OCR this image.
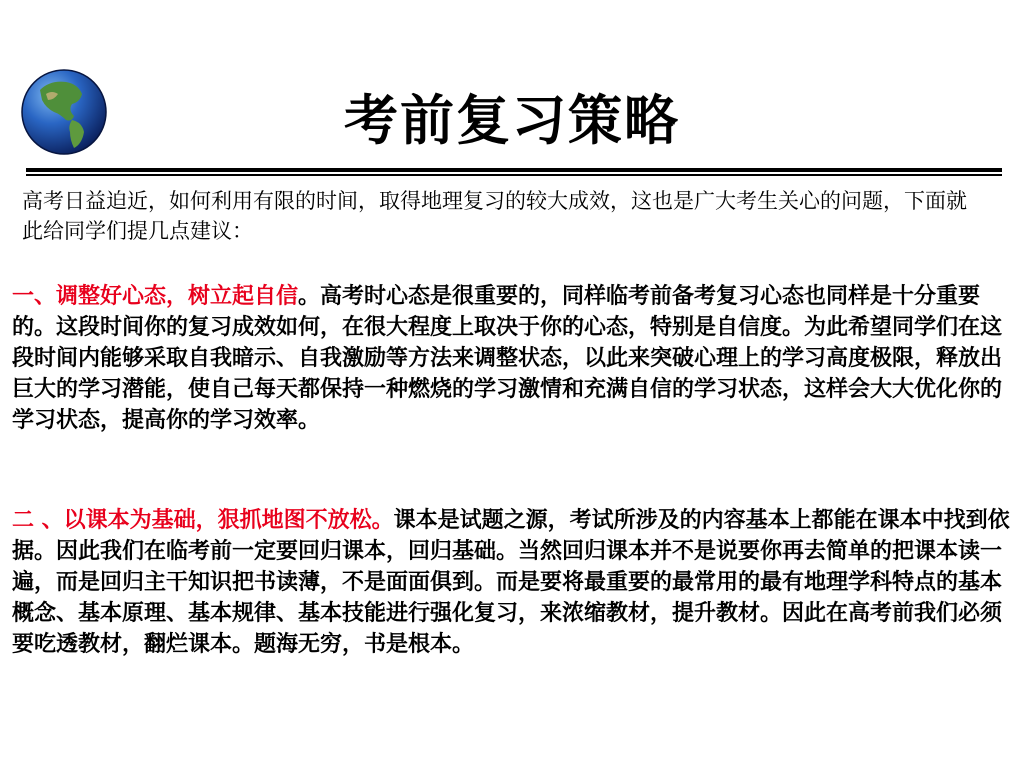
考前复习策略
高考日益迫近，如何利用有限的时间，取得地理复习的较大成效，这也是广大考生关心的问题，下面就此给同学们提几点建议：
一、调整好心态，树立起自信。高考时心态是很重要的，同样临考前备考复习心态也同样是十分重要的。这段时间你的复习成效如何，在很大程度上取决于你的心态，特别是自信度。为此希望同学们在这段时间内能够采取自我暗示、自我激励等方法来调整状态，以此来突破心理上的学习高度极限，释放出巨大的学习潜能，使自己每天都保持一种燃烧的学习激情和充满自信的学习状态，这样会大大优化你的学习状态，提高你的学习效率。
二 、以课本为基础，狠抓地图不放松。课本是试题之源，考试所涉及的内容基本上都能在课本中找到依据。因此我们在临考前一定要回归课本，回归基础。当然回归课本并不是说要你再去简单的把课本读一遍，而是回归主干知识把书读薄，不是面面俱到。而是要将最重要的最常用的最有地理学科特点的基本概念、基本原理、基本规律、基本技能进行强化复习，来浓缩教材，提升教材。因此在高考前我们必须要吃透教材，翻烂课本。题海无穷，书是根本。
